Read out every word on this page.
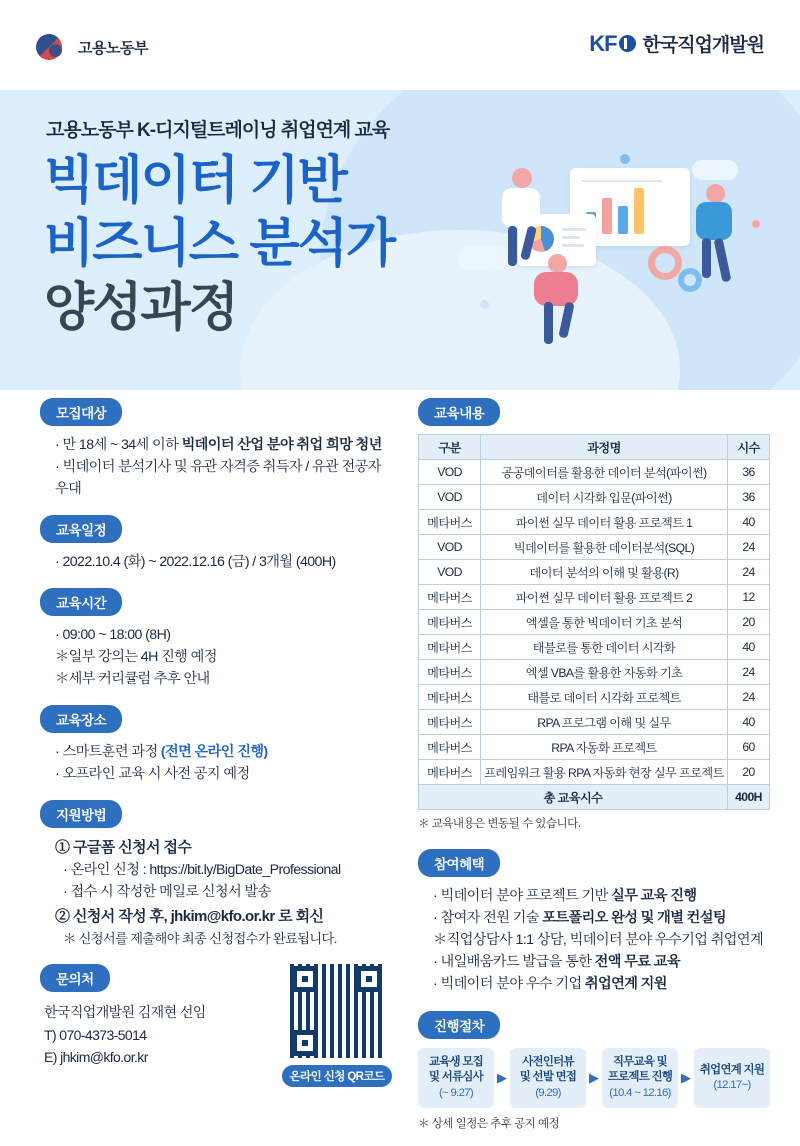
고용노동부	KF 한국직업개발원
고용노동부 K-디지털트레이닝 취업연계 교육
빅데이터 기반
비즈니스 분석가
양성과정
모집대상
· 만 18세 ~ 34세 이하 빅데이터 산업 분야 취업 희망 청년
· 빅데이터 분석기사 및 유관 자격증 취득자 / 유관 전공자 우대
교육일정
· 2022.10.4 (화) ~ 2022.12.16 (금) / 3개월 (400H)
교육시간
· 09:00 ~ 18:00 (8H)
＊일부 강의는 4H 진행 예정
＊세부 커리큘럼 추후 안내
교육장소
· 스마트훈련 과정 (전면 온라인 진행)
· 오프라인 교육 시 사전 공지 예정
지원방법
① 구글폼 신청서 접수
· 온라인 신청 : https://bit.ly/BigDate_Professional
· 접수 시 작성한 메일로 신청서 발송
② 신청서 작성 후, jhkim@kfo.or.kr 로 회신
＊ 신청서를 제출해야 최종 신청접수가 완료됩니다.
문의처
한국직업개발원 김재현 선임
T) 070-4373-5014
E) jhkim@kfo.or.kr
온라인 신청 QR코드
교육내용
구분	과정명	시수
VOD	공공데이터를 활용한 데이터 분석(파이썬)	36
VOD	데이터 시각화 입문(파이썬)	36
메타버스	파이썬 실무 데이터 활용 프로젝트 1	40
VOD	빅데이터를 활용한 데이터분석(SQL)	24
VOD	데이터 분석의 이해 및 활용(R)	24
메타버스	파이썬 실무 데이터 활용 프로젝트 2	12
메타버스	엑셀을 통한 빅데이터 기초 분석	20
메타버스	태블로를 통한 데이터 시각화	40
메타버스	엑셀 VBA를 활용한 자동화 기초	24
메타버스	태블로 데이터 시각화 프로젝트	24
메타버스	RPA 프로그램 이해 및 실무	40
메타버스	RPA 자동화 프로젝트	60
메타버스	프레임워크 활용 RPA 자동화 현장 실무 프로젝트	20
총 교육시수		400H
＊ 교육내용은 변동될 수 있습니다.
참여혜택
· 빅데이터 분야 프로젝트 기반 실무 교육 진행
· 참여자 전원 기술 포트폴리오 완성 및 개별 컨설팅
＊직업상담사 1:1 상담, 빅데이터 분야 우수기업 취업연계
· 내일배움카드 발급을 통한 전액 무료 교육
· 빅데이터 분야 우수 기업 취업연계 지원
진행절차
교육생 모집
및 서류심사
(~ 9.27)
▶
사전인터뷰
및 선발 면접
(9.29)
▶
직무교육 및
프로젝트 진행
(10.4 ~ 12.16)
▶
취업연계 지원
(12.17~)
＊ 상세 일정은 추후 공지 예정
